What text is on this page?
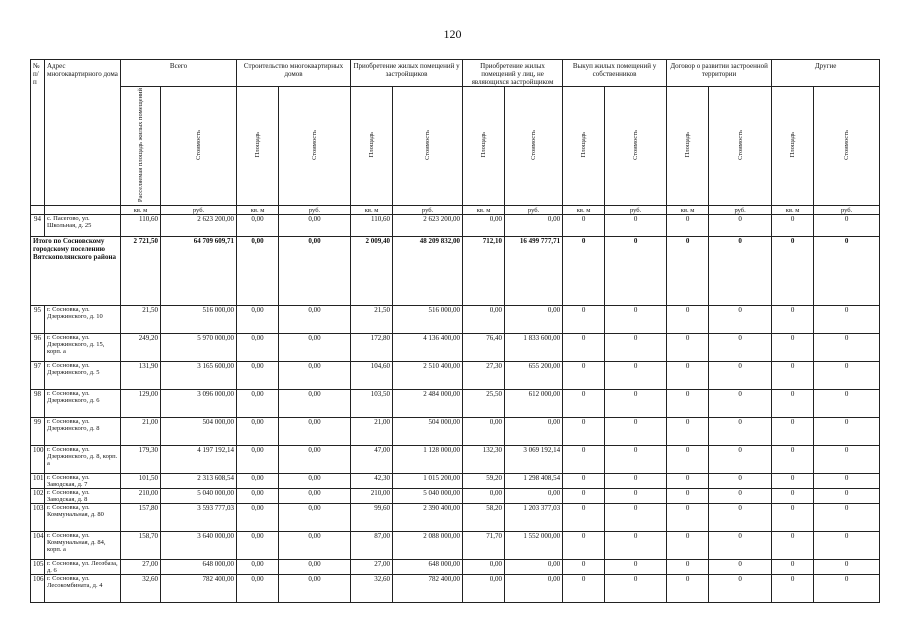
120
№ п/п	Адрес многоквартирного дома	Всего		Строительство многоквартирных домов		Приобретение жилых помещений у застройщиков		Приобретение жилых помещений у лиц, не являющихся застройщиком		Выкуп жилых помещений у собственников		Договор о развитии застроенной территории		Другие	
		Расселяемая площадь жилых помещений	Стоимость	Площадь	Стоимость	Площадь	Стоимость	Площадь	Стоимость	Площадь	Стоимость	Площадь	Стоимость	Площадь	Стоимость
		кв. м	руб.	кв. м	руб.	кв. м	руб.	кв. м	руб.	кв. м	руб.	кв. м	руб.	кв. м	руб.
94	с. Пасегово, ул. Школьная, д. 25	110,60	2 623 200,00	0,00	0,00	110,60	2 623 200,00	0,00	0,00	0	0	0	0	0	0
Итого по Сосновскому городскому поселению Вятскополянского района		2 721,50	64 709 609,71	0,00	0,00	2 009,40	48 209 832,00	712,10	16 499 777,71	0	0	0	0	0	0
95	г. Сосновка, ул. Дзержинского, д. 10	21,50	516 000,00	0,00	0,00	21,50	516 000,00	0,00	0,00	0	0	0	0	0	0
96	г. Сосновка, ул. Дзержинского, д. 15, корп. а	249,20	5 970 000,00	0,00	0,00	172,80	4 136 400,00	76,40	1 833 600,00	0	0	0	0	0	0
97	г. Сосновка, ул. Дзержинского, д. 5	131,90	3 165 600,00	0,00	0,00	104,60	2 510 400,00	27,30	655 200,00	0	0	0	0	0	0
98	г. Сосновка, ул. Дзержинского, д. 6	129,00	3 096 000,00	0,00	0,00	103,50	2 484 000,00	25,50	612 000,00	0	0	0	0	0	0
99	г. Сосновка, ул. Дзержинского, д. 8	21,00	504 000,00	0,00	0,00	21,00	504 000,00	0,00	0,00	0	0	0	0	0	0
100	г. Сосновка, ул. Дзержинского, д. 8, корп. а	179,30	4 197 192,14	0,00	0,00	47,00	1 128 000,00	132,30	3 069 192,14	0	0	0	0	0	0
101	г. Сосновка, ул. Заводская, д. 7	101,50	2 313 608,54	0,00	0,00	42,30	1 015 200,00	59,20	1 298 408,54	0	0	0	0	0	0
102	г. Сосновка, ул. Заводская, д. 8	210,00	5 040 000,00	0,00	0,00	210,00	5 040 000,00	0,00	0,00	0	0	0	0	0	0
103	г. Сосновка, ул. Коммунальная, д. 80	157,80	3 593 777,03	0,00	0,00	99,60	2 390 400,00	58,20	1 203 377,03	0	0	0	0	0	0
104	г. Сосновка, ул. Коммунальная, д. 84, корп. а	158,70	3 640 000,00	0,00	0,00	87,00	2 088 000,00	71,70	1 552 000,00	0	0	0	0	0	0
105	г. Сосновка, ул. Леозбаза, д. 6	27,00	648 000,00	0,00	0,00	27,00	648 000,00	0,00	0,00	0	0	0	0	0	0
106	г. Сосновка, ул. Лесокомбината, д. 4	32,60	782 400,00	0,00	0,00	32,60	782 400,00	0,00	0,00	0	0	0	0	0	0
